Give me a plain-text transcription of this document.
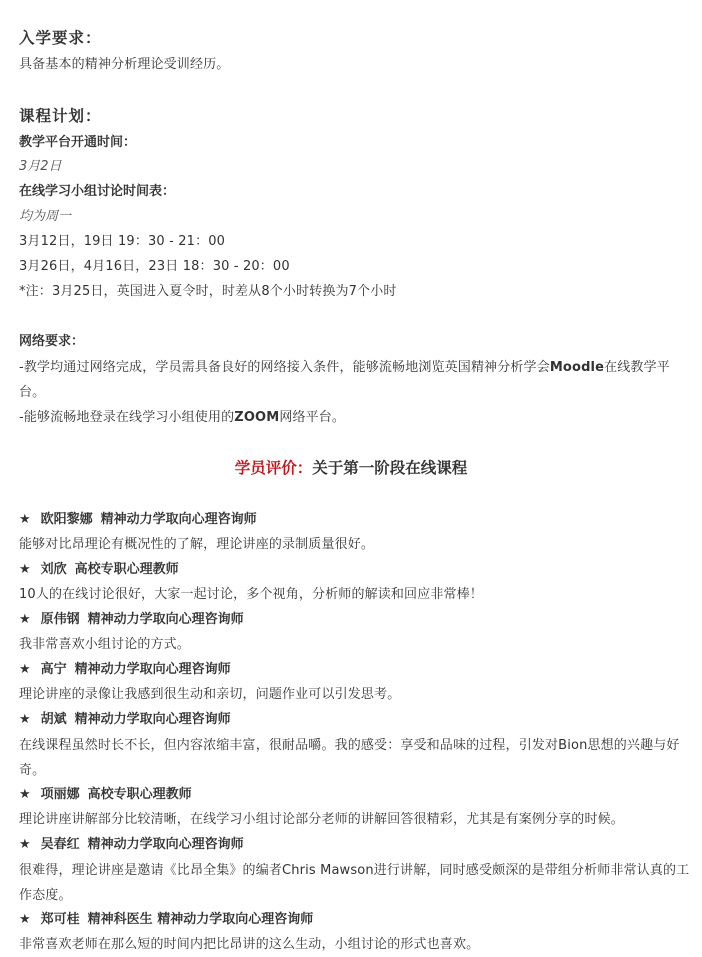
入学要求：
具备基本的精神分析理论受训经历。
课程计划：
教学平台开通时间：
3月2日
在线学习小组讨论时间表：
均为周一
3月12日，19日 19：30 - 21：00
3月26日，4月16日，23日 18：30 - 20：00
*注：3月25日，英国进入夏令时，时差从8个小时转换为7个小时
网络要求：
-教学均通过网络完成，学员需具备良好的网络接入条件，能够流畅地浏览英国精神分析学会Moodle在线教学平台。
-能够流畅地登录在线学习小组使用的ZOOM网络平台。
学员评价：关于第一阶段在线课程
★ 欧阳黎娜 精神动力学取向心理咨询师
能够对比昂理论有概况性的了解，理论讲座的录制质量很好。
★ 刘欣 高校专职心理教师
10人的在线讨论很好，大家一起讨论，多个视角，分析师的解读和回应非常棒！
★ 原伟钢 精神动力学取向心理咨询师
我非常喜欢小组讨论的方式。
★ 高宁 精神动力学取向心理咨询师
理论讲座的录像让我感到很生动和亲切，问题作业可以引发思考。
★ 胡斌 精神动力学取向心理咨询师
在线课程虽然时长不长，但内容浓缩丰富，很耐品嚼。我的感受：享受和品味的过程，引发对Bion思想的兴趣与好奇。
★ 项丽娜 高校专职心理教师
理论讲座讲解部分比较清晰，在线学习小组讨论部分老师的讲解回答很精彩，尤其是有案例分享的时候。
★ 吴春红 精神动力学取向心理咨询师
很难得，理论讲座是邀请《比昂全集》的编者Chris Mawson进行讲解，同时感受颇深的是带组分析师非常认真的工作态度。
★ 郑可桂 精神科医生 精神动力学取向心理咨询师
非常喜欢老师在那么短的时间内把比昂讲的这么生动，小组讨论的形式也喜欢。
